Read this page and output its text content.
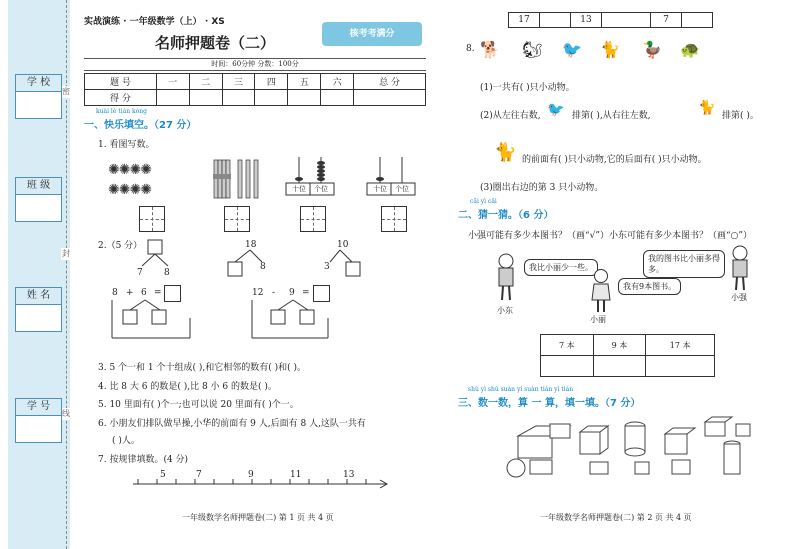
密
封
线
学 校
班 级
姓 名
学 号
实战演练 · 一年级数学（上） · XS
核考考满分
名师押题卷（二）
时间：60分钟 分数：100分
题 号	一	二	三	四	五	六	总 分
得 分							
kuài lè tián kòng
一、快乐填空。（27 分）
1. 看图写数。
✺✺✺✺
✺✺✺✺	十位	个位	十位	个位
2.（5 分）
7 8
18
8
10
3
8 + 6 =	12 - 9 =
3. 5 个一和 1 个十组成( ),和它相邻的数有( )和( )。
4. 比 8 大 6 的数是( ),比 8 小 6 的数是( )。
5. 10 里面有( )个一;也可以说 20 里面有( )个一。
6. 小朋友们排队做早操,小华的前面有 9 人,后面有 8 人,这队一共有
( )人。
7. 按规律填数。(4 分)
5	7	9	11	13
一年级数学名师押题卷(二) 第 1 页 共 4 页
17	13	7
8. 🐕 🐿 🐦 🐈 🦆 🐢
(1)一共有( )只小动物。
(2)从左往右数, 🐦 排第( ),从右往左数,	🐈 排第( )。
🐈 的前面有( )只小动物,它的后面有( )只小动物。
(3)圈出右边的第 3 只小动物。
cāi yì cāi
二、猜一猜。（6 分）
小强可能有多少本图书？（画“√”）小东可能有多少本图书？（画“○”）
我比小丽少一些。
小东
我有9本图书。
小丽
我的图书比小丽多得多。
小强
7 本	9 本	17 本

shǔ yì shǔ suàn yí suàn tián yì tián
三、数一数，算 一 算，填一填。（7 分）
一年级数学名师押题卷(二) 第 2 页 共 4 页
